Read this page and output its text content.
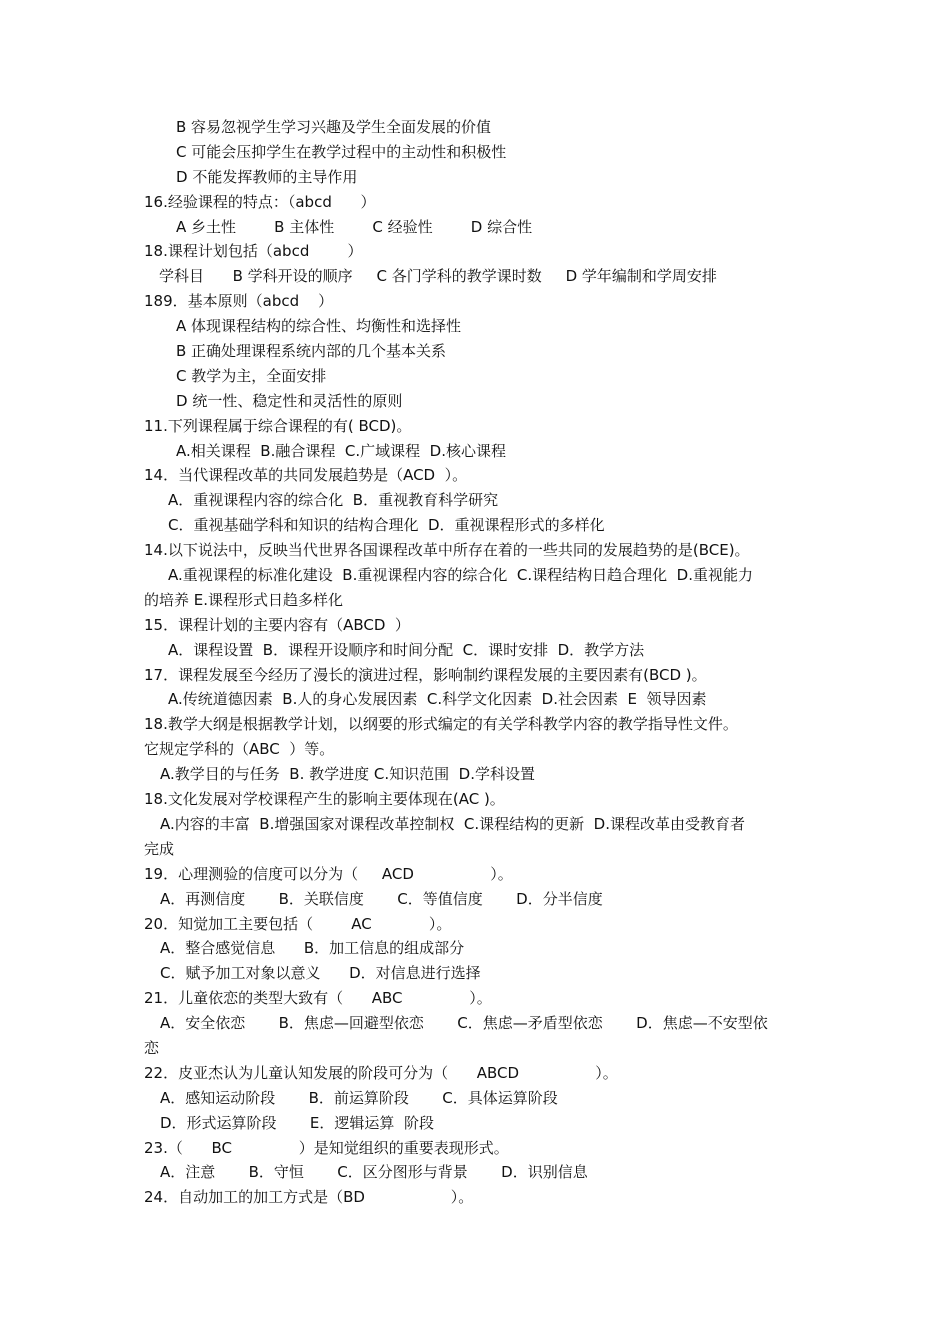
B 容易忽视学生学习兴趣及学生全面发展的价值
C 可能会压抑学生在教学过程中的主动性和积极性
D 不能发挥教师的主导作用
16.经验课程的特点：（abcd      ）
A 乡土性        B 主体性        C 经验性        D 综合性
18.课程计划包括（abcd        ）
学科目      B 学科开设的顺序     C 各门学科的教学课时数     D 学年编制和学周安排
189．基本原则（abcd    ）
A 体现课程结构的综合性、均衡性和选择性
B 正确处理课程系统内部的几个基本关系
C 教学为主，全面安排
D 统一性、稳定性和灵活性的原则
11.下列课程属于综合课程的有( BCD)。
A.相关课程  B.融合课程  C.广域课程  D.核心课程
14．当代课程改革的共同发展趋势是（ACD  ）。
A．重视课程内容的综合化  B．重视教育科学研究
C．重视基础学科和知识的结构合理化  D．重视课程形式的多样化
14.以下说法中，反映当代世界各国课程改革中所存在着的一些共同的发展趋势的是(BCE)。
A.重视课程的标准化建设  B.重视课程内容的综合化  C.课程结构日趋合理化  D.重视能力
的培养 E.课程形式日趋多样化
15．课程计划的主要内容有（ABCD  ）
A．课程设置  B．课程开设顺序和时间分配  C．课时安排  D．教学方法
17．课程发展至今经历了漫长的演进过程，影响制约课程发展的主要因素有(BCD )。
A.传统道德因素  B.人的身心发展因素  C.科学文化因素  D.社会因素  E  领导因素
18.教学大纲是根据教学计划，以纲要的形式编定的有关学科教学内容的教学指导性文件。
它规定学科的（ABC  ）等。
A.教学目的与任务  B. 教学进度 C.知识范围  D.学科设置
18.文化发展对学校课程产生的影响主要体现在(AC )。
A.内容的丰富  B.增强国家对课程改革控制权  C.课程结构的更新  D.课程改革由受教育者
完成
19．心理测验的信度可以分为（     ACD                ）。
A．再测信度       B．关联信度       C．等值信度       D．分半信度
20．知觉加工主要包括（        AC            ）。
A．整合感觉信息      B．加工信息的组成部分
C．赋予加工对象以意义      D．对信息进行选择
21．儿童依恋的类型大致有（      ABC              ）。
A．安全依恋       B．焦虑—回避型依恋       C．焦虑—矛盾型依恋       D．焦虑—不安型依
恋
22．皮亚杰认为儿童认知发展的阶段可分为（      ABCD                ）。
A．感知运动阶段       B．前运算阶段       C．具体运算阶段
D．形式运算阶段       E．逻辑运算  阶段
23.（      BC              ）是知觉组织的重要表现形式。
A．注意       B．守恒       C．区分图形与背景       D．识别信息
24．自动加工的加工方式是（BD                  ）。
